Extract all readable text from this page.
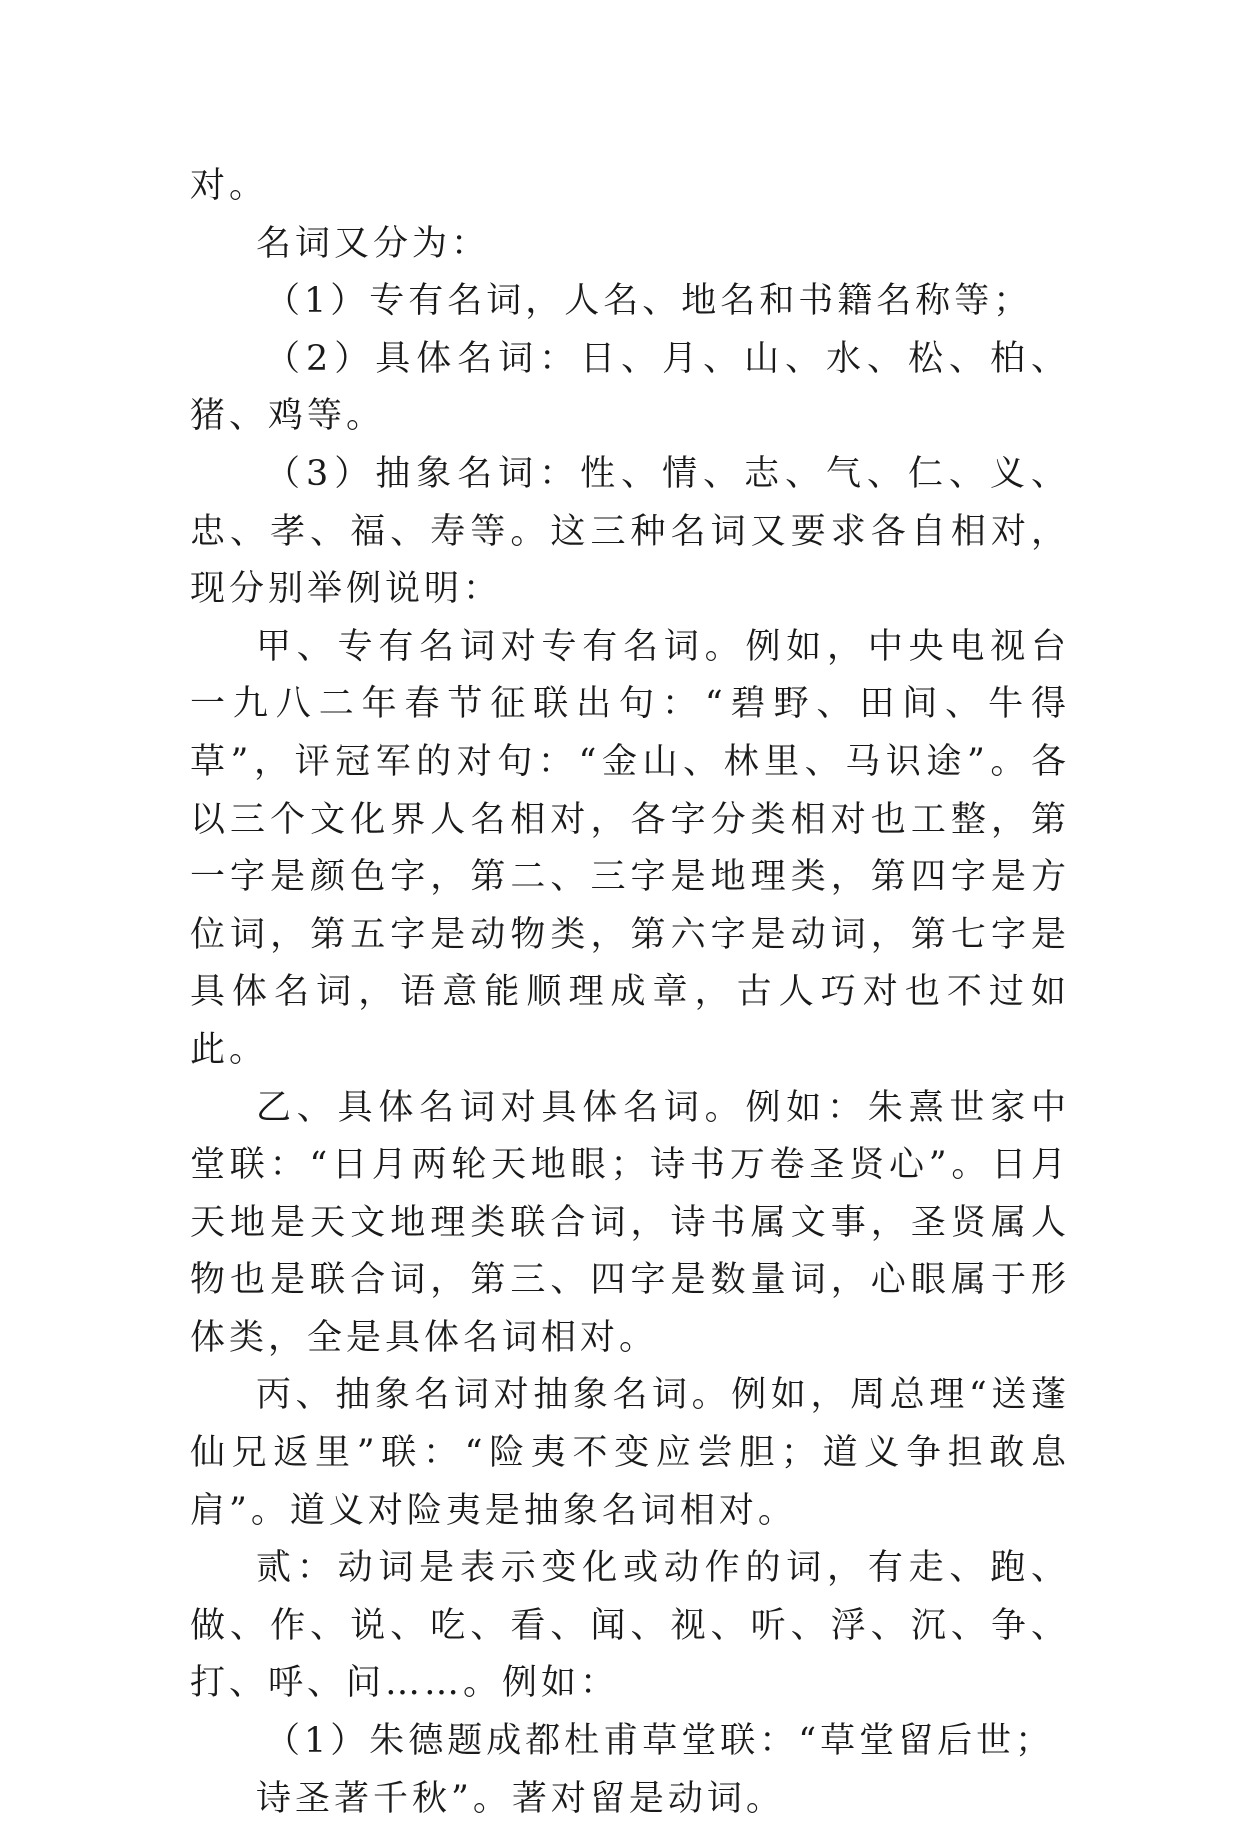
对。

名词又分为：

（1）专有名词，人名、地名和书籍名称等；

（2）具体名词：日、月、山、水、松、柏、猪、鸡等。

（3）抽象名词：性、情、志、气、仁、义、忠、孝、福、寿等。这三种名词又要求各自相对，现分别举例说明：

甲、专有名词对专有名词。例如，中央电视台一九八二年春节征联出句：“碧野、田间、牛得草”，评冠军的对句：“金山、林里、马识途”。各以三个文化界人名相对，各字分类相对也工整，第一字是颜色字，第二、三字是地理类，第四字是方位词，第五字是动物类，第六字是动词，第七字是具体名词，语意能顺理成章，古人巧对也不过如此。

乙、具体名词对具体名词。例如：朱熹世家中堂联：“日月两轮天地眼；诗书万卷圣贤心”。日月天地是天文地理类联合词，诗书属文事，圣贤属人物也是联合词，第三、四字是数量词，心眼属于形体类，全是具体名词相对。

丙、抽象名词对抽象名词。例如，周总理“送蓬仙兄返里”联：“险夷不变应尝胆；道义争担敢息肩”。道义对险夷是抽象名词相对。

贰：动词是表示变化或动作的词，有走、跑、做、作、说、吃、看、闻、视、听、浮、沉、争、打、呼、问……。例如：

（1）朱德题成都杜甫草堂联：“草堂留后世；

诗圣著千秋”。著对留是动词。
